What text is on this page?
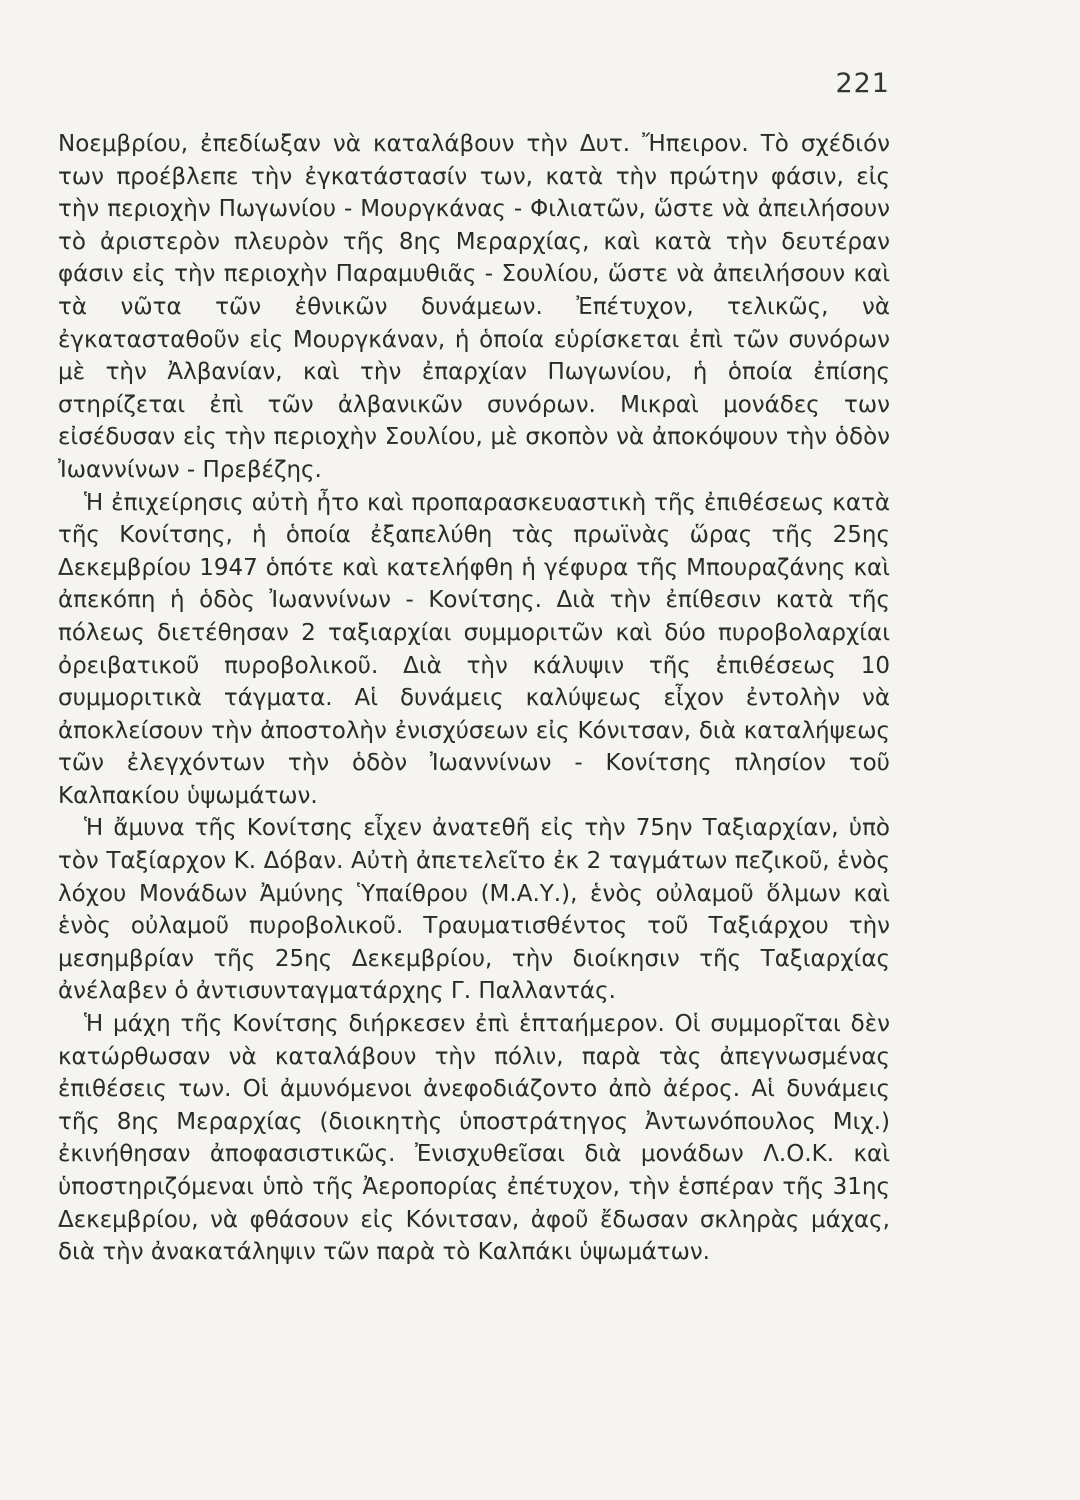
221

Νοεμβρίου, ἐπεδίωξαν νὰ καταλάβουν τὴν Δυτ. Ἤπειρον. Τὸ σχέδιόν των προέβλεπε τὴν ἐγκατάστασίν των, κατὰ τὴν πρώτην φάσιν, εἰς τὴν περιοχὴν Πωγωνίου - Μουργκάνας - Φιλιατῶν, ὥστε νὰ ἀπειλήσουν τὸ ἀριστερὸν πλευρὸν τῆς 8ης Μεραρχίας, καὶ κατὰ τὴν δευτέραν φάσιν εἰς τὴν περιοχὴν Παραμυθιᾶς - Σουλίου, ὥστε νὰ ἀπειλήσουν καὶ τὰ νῶτα τῶν ἐθνικῶν δυνάμεων. Ἐπέτυχον, τελικῶς, νὰ ἐγκατασταθοῦν εἰς Μουργκάναν, ἡ ὁποία εὑρίσκεται ἐπὶ τῶν συνόρων μὲ τὴν Ἀλβανίαν, καὶ τὴν ἐπαρχίαν Πωγωνίου, ἡ ὁποία ἐπίσης στηρίζεται ἐπὶ τῶν ἀλβανικῶν συνόρων. Μικραὶ μονάδες των εἰσέδυσαν εἰς τὴν περιοχὴν Σουλίου, μὲ σκοπὸν νὰ ἀποκόψουν τὴν ὁδὸν Ἰωαννίνων - Πρεβέζης.

Ἡ ἐπιχείρησις αὐτὴ ἦτο καὶ προπαρασκευαστικὴ τῆς ἐπιθέσεως κατὰ τῆς Κονίτσης, ἡ ὁποία ἐξαπελύθη τὰς πρωϊνὰς ὥρας τῆς 25ης Δεκεμβρίου 1947 ὁπότε καὶ κατελήφθη ἡ γέφυρα τῆς Μπουραζάνης καὶ ἀπεκόπη ἡ ὁδὸς Ἰωαννίνων - Κονίτσης. Διὰ τὴν ἐπίθεσιν κατὰ τῆς πόλεως διετέθησαν 2 ταξιαρχίαι συμμοριτῶν καὶ δύο πυροβολαρχίαι ὀρειβατικοῦ πυροβολικοῦ. Διὰ τὴν κάλυψιν τῆς ἐπιθέσεως 10 συμμοριτικὰ τάγματα. Αἱ δυνάμεις καλύψεως εἶχον ἐντολὴν νὰ ἀποκλείσουν τὴν ἀποστολὴν ἐνισχύσεων εἰς Κόνιτσαν, διὰ καταλήψεως τῶν ἐλεγχόντων τὴν ὁδὸν Ἰωαννίνων - Κονίτσης πλησίον τοῦ Καλπακίου ὑψωμάτων.

Ἡ ἄμυνα τῆς Κονίτσης εἶχεν ἀνατεθῆ εἰς τὴν 75ην Ταξιαρχίαν, ὑπὸ τὸν Ταξίαρχον Κ. Δόβαν. Αὐτὴ ἀπετελεῖτο ἐκ 2 ταγμάτων πεζικοῦ, ἑνὸς λόχου Μονάδων Ἀμύνης Ὑπαίθρου (Μ.Α.Υ.), ἑνὸς οὐλαμοῦ ὅλμων καὶ ἑνὸς οὐλαμοῦ πυροβολικοῦ. Τραυματισθέντος τοῦ Ταξιάρχου τὴν μεσημβρίαν τῆς 25ης Δεκεμβρίου, τὴν διοίκησιν τῆς Ταξιαρχίας ἀνέλαβεν ὁ ἀντισυνταγματάρχης Γ. Παλλαντάς.

Ἡ μάχη τῆς Κονίτσης διήρκεσεν ἐπὶ ἑπταήμερον. Οἱ συμμορῖται δὲν κατώρθωσαν νὰ καταλάβουν τὴν πόλιν, παρὰ τὰς ἀπεγνωσμένας ἐπιθέσεις των. Οἱ ἀμυνόμενοι ἀνεφοδιάζοντο ἀπὸ ἀέρος. Αἱ δυνάμεις τῆς 8ης Μεραρχίας (διοικητὴς ὑποστράτηγος Ἀντωνόπουλος Μιχ.) ἐκινήθησαν ἀποφασιστικῶς. Ἐνισχυθεῖσαι διὰ μονάδων Λ.Ο.Κ. καὶ ὑποστηριζόμεναι ὑπὸ τῆς Ἀεροπορίας ἐπέτυχον, τὴν ἑσπέραν τῆς 31ης Δεκεμβρίου, νὰ φθάσουν εἰς Κόνιτσαν, ἀφοῦ ἔδωσαν σκληρὰς μάχας, διὰ τὴν ἀνακατάληψιν τῶν παρὰ τὸ Καλπάκι ὑψωμάτων.
